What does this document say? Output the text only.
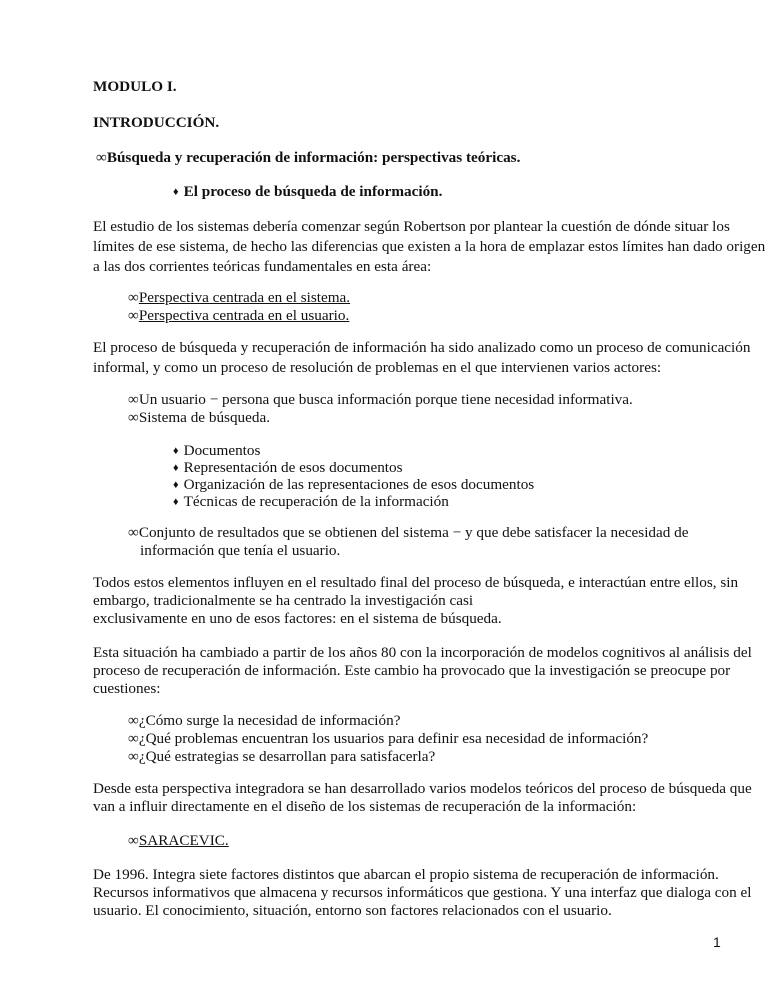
MODULO I.
INTRODUCCIÓN.
∞Búsqueda y recuperación de información: perspectivas teóricas.
♦ El proceso de búsqueda de información.
El estudio de los sistemas debería comenzar según Robertson por plantear la cuestión de dónde situar los
límites de ese sistema, de hecho las diferencias que existen a la hora de emplazar estos límites han dado origen
a las dos corrientes teóricas fundamentales en esta área:
∞Perspectiva centrada en el sistema.
∞Perspectiva centrada en el usuario.
El proceso de búsqueda y recuperación de información ha sido analizado como un proceso de comunicación
informal, y como un proceso de resolución de problemas en el que intervienen varios actores:
∞Un usuario − persona que busca información porque tiene necesidad informativa.
∞Sistema de búsqueda.
♦ Documentos
♦ Representación de esos documentos
♦ Organización de las representaciones de esos documentos
♦ Técnicas de recuperación de la información
∞Conjunto de resultados que se obtienen del sistema − y que debe satisfacer la necesidad de
información que tenía el usuario.
Todos estos elementos influyen en el resultado final del proceso de búsqueda, e interactúan entre ellos, sin
embargo, tradicionalmente se ha centrado la investigación casi
exclusivamente en uno de esos factores: en el sistema de búsqueda.
Esta situación ha cambiado a partir de los años 80 con la incorporación de modelos cognitivos al análisis del
proceso de recuperación de información. Este cambio ha provocado que la investigación se preocupe por
cuestiones:
∞¿Cómo surge la necesidad de información?
∞¿Qué problemas encuentran los usuarios para definir esa necesidad de información?
∞¿Qué estrategias se desarrollan para satisfacerla?
Desde esta perspectiva integradora se han desarrollado varios modelos teóricos del proceso de búsqueda que
van a influir directamente en el diseño de los sistemas de recuperación de la información:
∞SARACEVIC.
De 1996. Integra siete factores distintos que abarcan el propio sistema de recuperación de información.
Recursos informativos que almacena y recursos informáticos que gestiona. Y una interfaz que dialoga con el
usuario. El conocimiento, situación, entorno son factores relacionados con el usuario.
1
